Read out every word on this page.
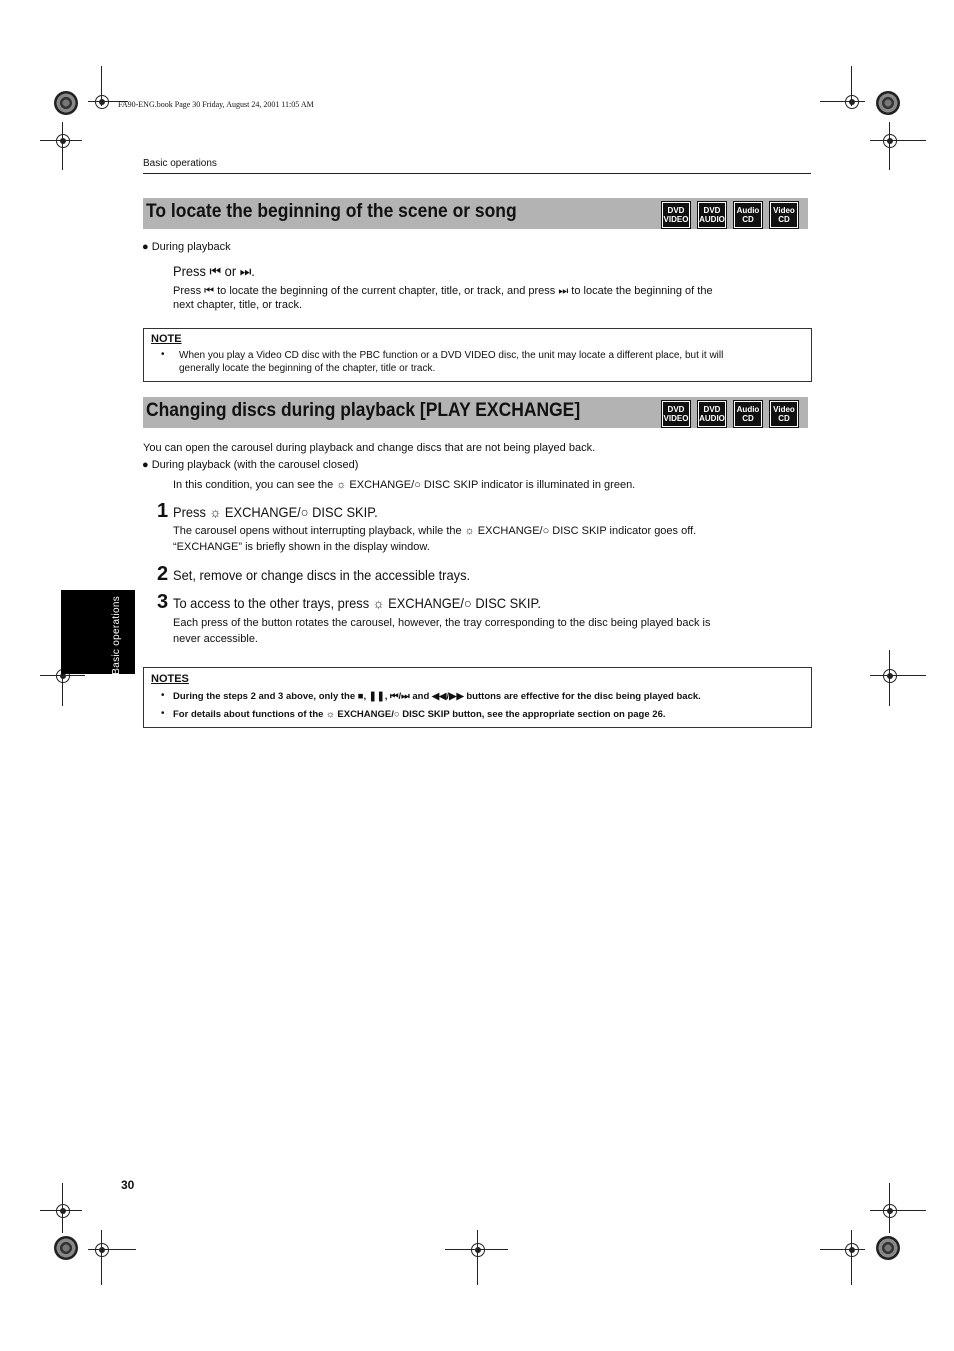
FA90-ENG.book Page 30 Friday, August 24, 2001 11:05 AM
Basic operations
To locate the beginning of the scene or song	DVD
VIDEO
DVD
AUDIO
Audio
CD
Video
CD
● During playback
Press ⏮ or ⏭.
Press ⏮ to locate the beginning of the current chapter, title, or track, and press ⏭ to locate the beginning of the
next chapter, title, or track.
NOTE
• When you play a Video CD disc with the PBC function or a DVD VIDEO disc, the unit may locate a different place, but it will
generally locate the beginning of the chapter, title or track.
Changing discs during playback [PLAY EXCHANGE]	DVD
VIDEO
DVD
AUDIO
Audio
CD
Video
CD
You can open the carousel during playback and change discs that are not being played back.
● During playback (with the carousel closed)
In this condition, you can see the ☼ EXCHANGE/○ DISC SKIP indicator is illuminated in green.
1 Press ☼ EXCHANGE/○ DISC SKIP.
The carousel opens without interrupting playback, while the ☼ EXCHANGE/○ DISC SKIP indicator goes off.
“EXCHANGE” is briefly shown in the display window.
2 Set, remove or change discs in the accessible trays.
3 To access to the other trays, press ☼ EXCHANGE/○ DISC SKIP.
Each press of the button rotates the carousel, however, the tray corresponding to the disc being played back is
never accessible.
Basic operations
NOTES
• During the steps 2 and 3 above, only the ■, ❚❚, ⏮/⏭ and ◀◀/▶▶ buttons are effective for the disc being played back.
• For details about functions of the ☼ EXCHANGE/○ DISC SKIP button, see the appropriate section on page 26.
30
